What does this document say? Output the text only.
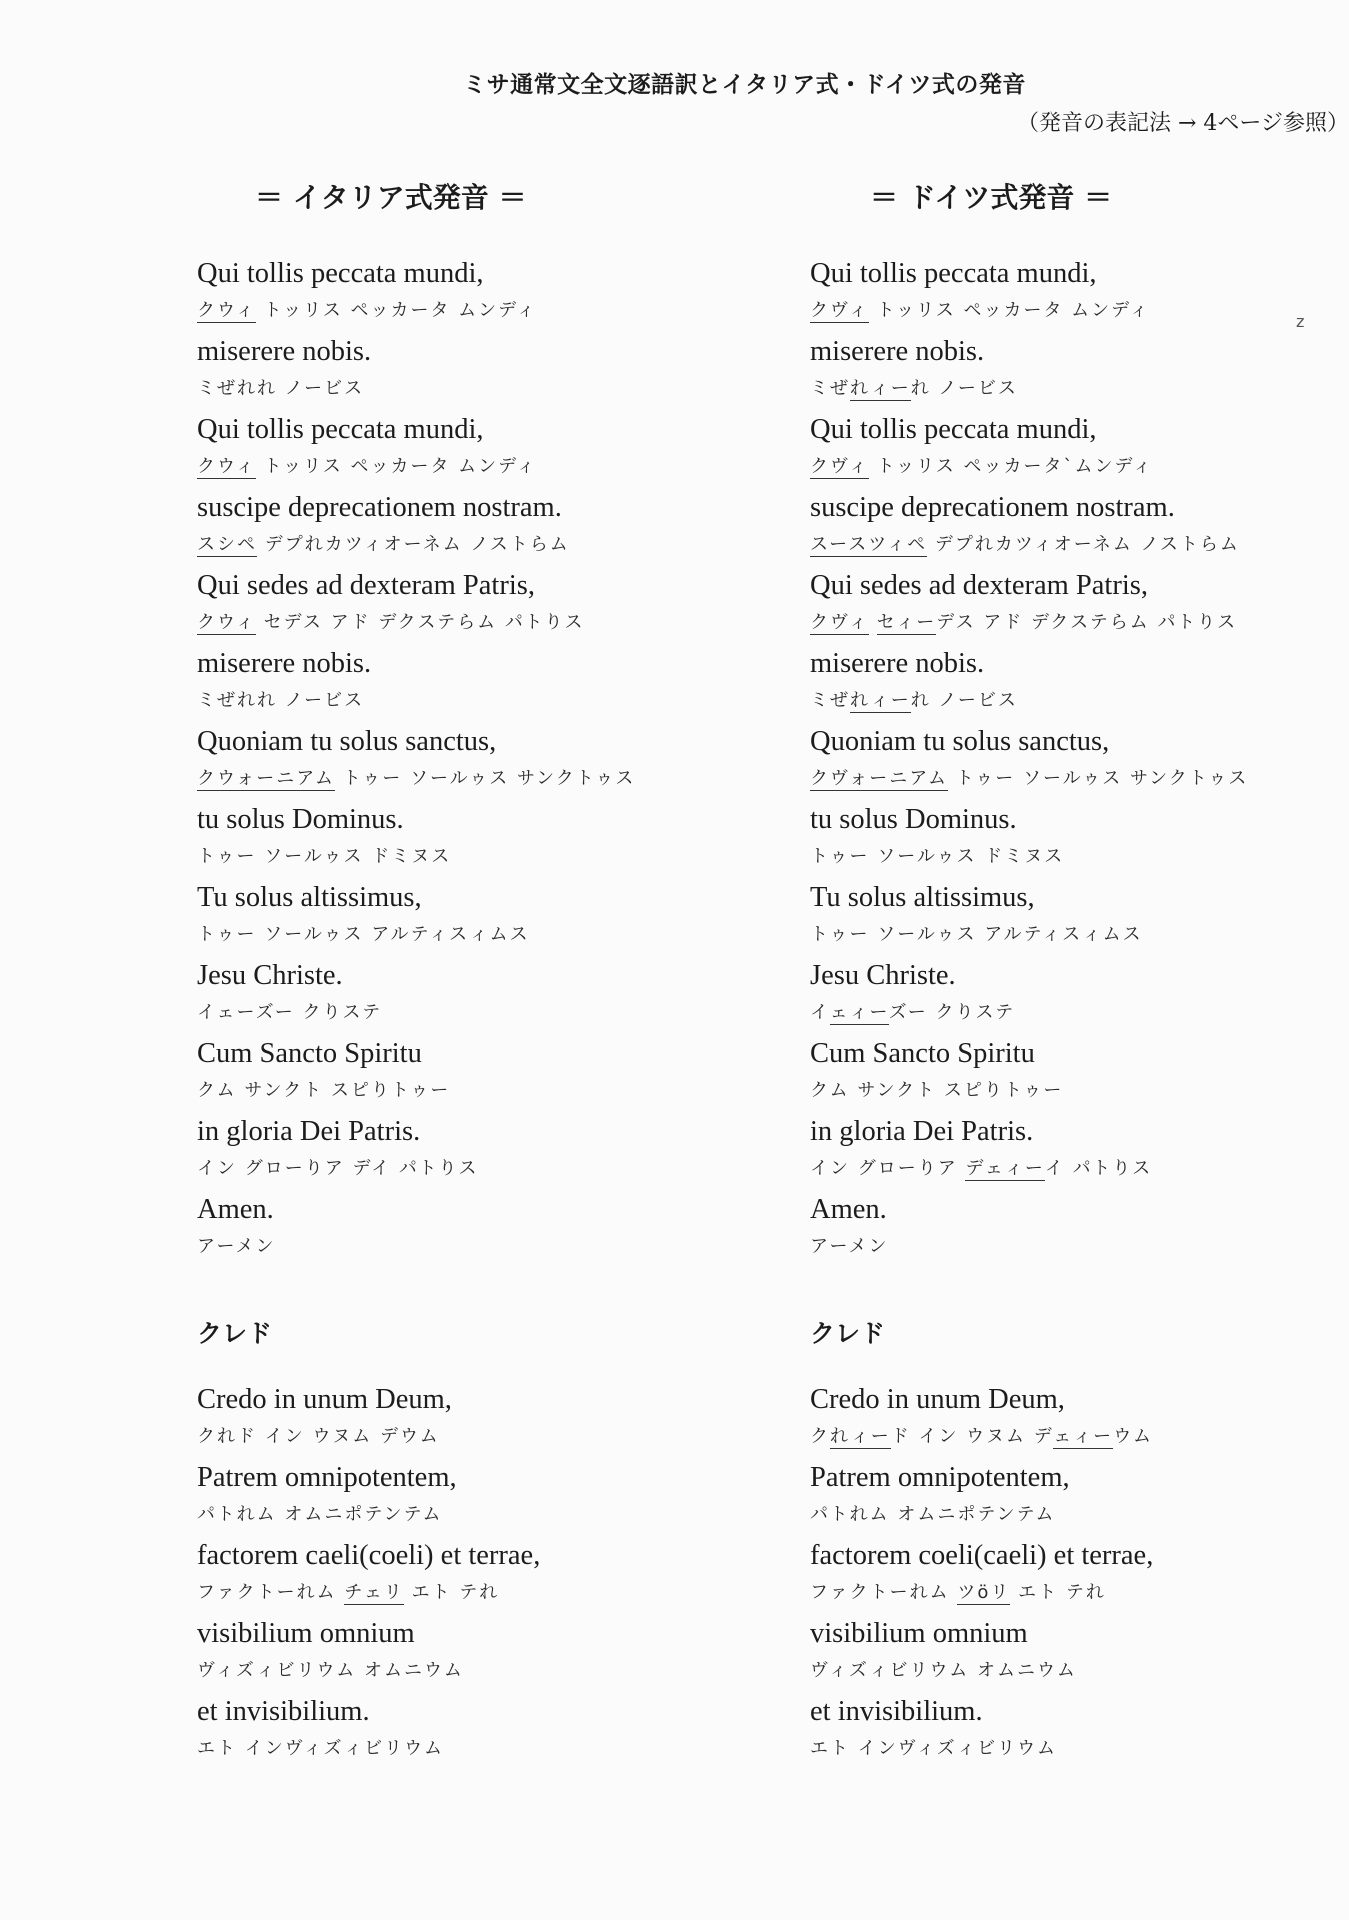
ミサ通常文全文逐語訳とイタリア式・ドイツ式の発音
（発音の表記法 → 4ページ参照）
z
＝ イタリア式発音 ＝
Qui tollis peccata mundi,
クウィ トッリス ペッカータ ムンディ
miserere nobis.
ミぜれれ ノービス
Qui tollis peccata mundi,
クウィ トッリス ペッカータ ムンディ
suscipe deprecationem nostram.
スシペ デプれカツィオーネム ノストらム
Qui sedes ad dexteram Patris,
クウィ セデス アド デクステらム パトりス
miserere nobis.
ミぜれれ ノービス
Quoniam tu solus sanctus,
クウォーニアム トゥー ソールゥス サンクトゥス
tu solus Dominus.
トゥー ソールゥス ドミヌス
Tu solus altissimus,
トゥー ソールゥス アルティスィムス
Jesu Christe.
イェーズー クりステ
Cum Sancto Spiritu
クム サンクト スピりトゥー
in gloria Dei Patris.
イン グローりア デイ パトりス
Amen.
アーメン
クレド
Credo in unum Deum,
クれド イン ウヌム デウム
Patrem omnipotentem,
パトれム オムニポテンテム
factorem caeli(coeli) et terrae,
ファクトーれム チェリ エト テれ
visibilium omnium
ヴィズィビリウム オムニウム
et invisibilium.
エト インヴィズィビリウム
＝ ドイツ式発音 ＝
Qui tollis peccata mundi,
クヴィ トッリス ペッカータ ムンディ
miserere nobis.
ミぜれィーれ ノービス
Qui tollis peccata mundi,
クヴィ トッリス ペッカータ`ムンディ
suscipe deprecationem nostram.
スースツィペ デプれカツィオーネム ノストらム
Qui sedes ad dexteram Patris,
クヴィ セィーデス アド デクステらム パトりス
miserere nobis.
ミぜれィーれ ノービス
Quoniam tu solus sanctus,
クヴォーニアム トゥー ソールゥス サンクトゥス
tu solus Dominus.
トゥー ソールゥス ドミヌス
Tu solus altissimus,
トゥー ソールゥス アルティスィムス
Jesu Christe.
イェィーズー クりステ
Cum Sancto Spiritu
クム サンクト スピりトゥー
in gloria Dei Patris.
イン グローりア デェィーイ パトりス
Amen.
アーメン
クレド
Credo in unum Deum,
クれィード イン ウヌム デェィーウム
Patrem omnipotentem,
パトれム オムニポテンテム
factorem coeli(caeli) et terrae,
ファクトーれム ツöリ エト テれ
visibilium omnium
ヴィズィビリウム オムニウム
et invisibilium.
エト インヴィズィビリウム
